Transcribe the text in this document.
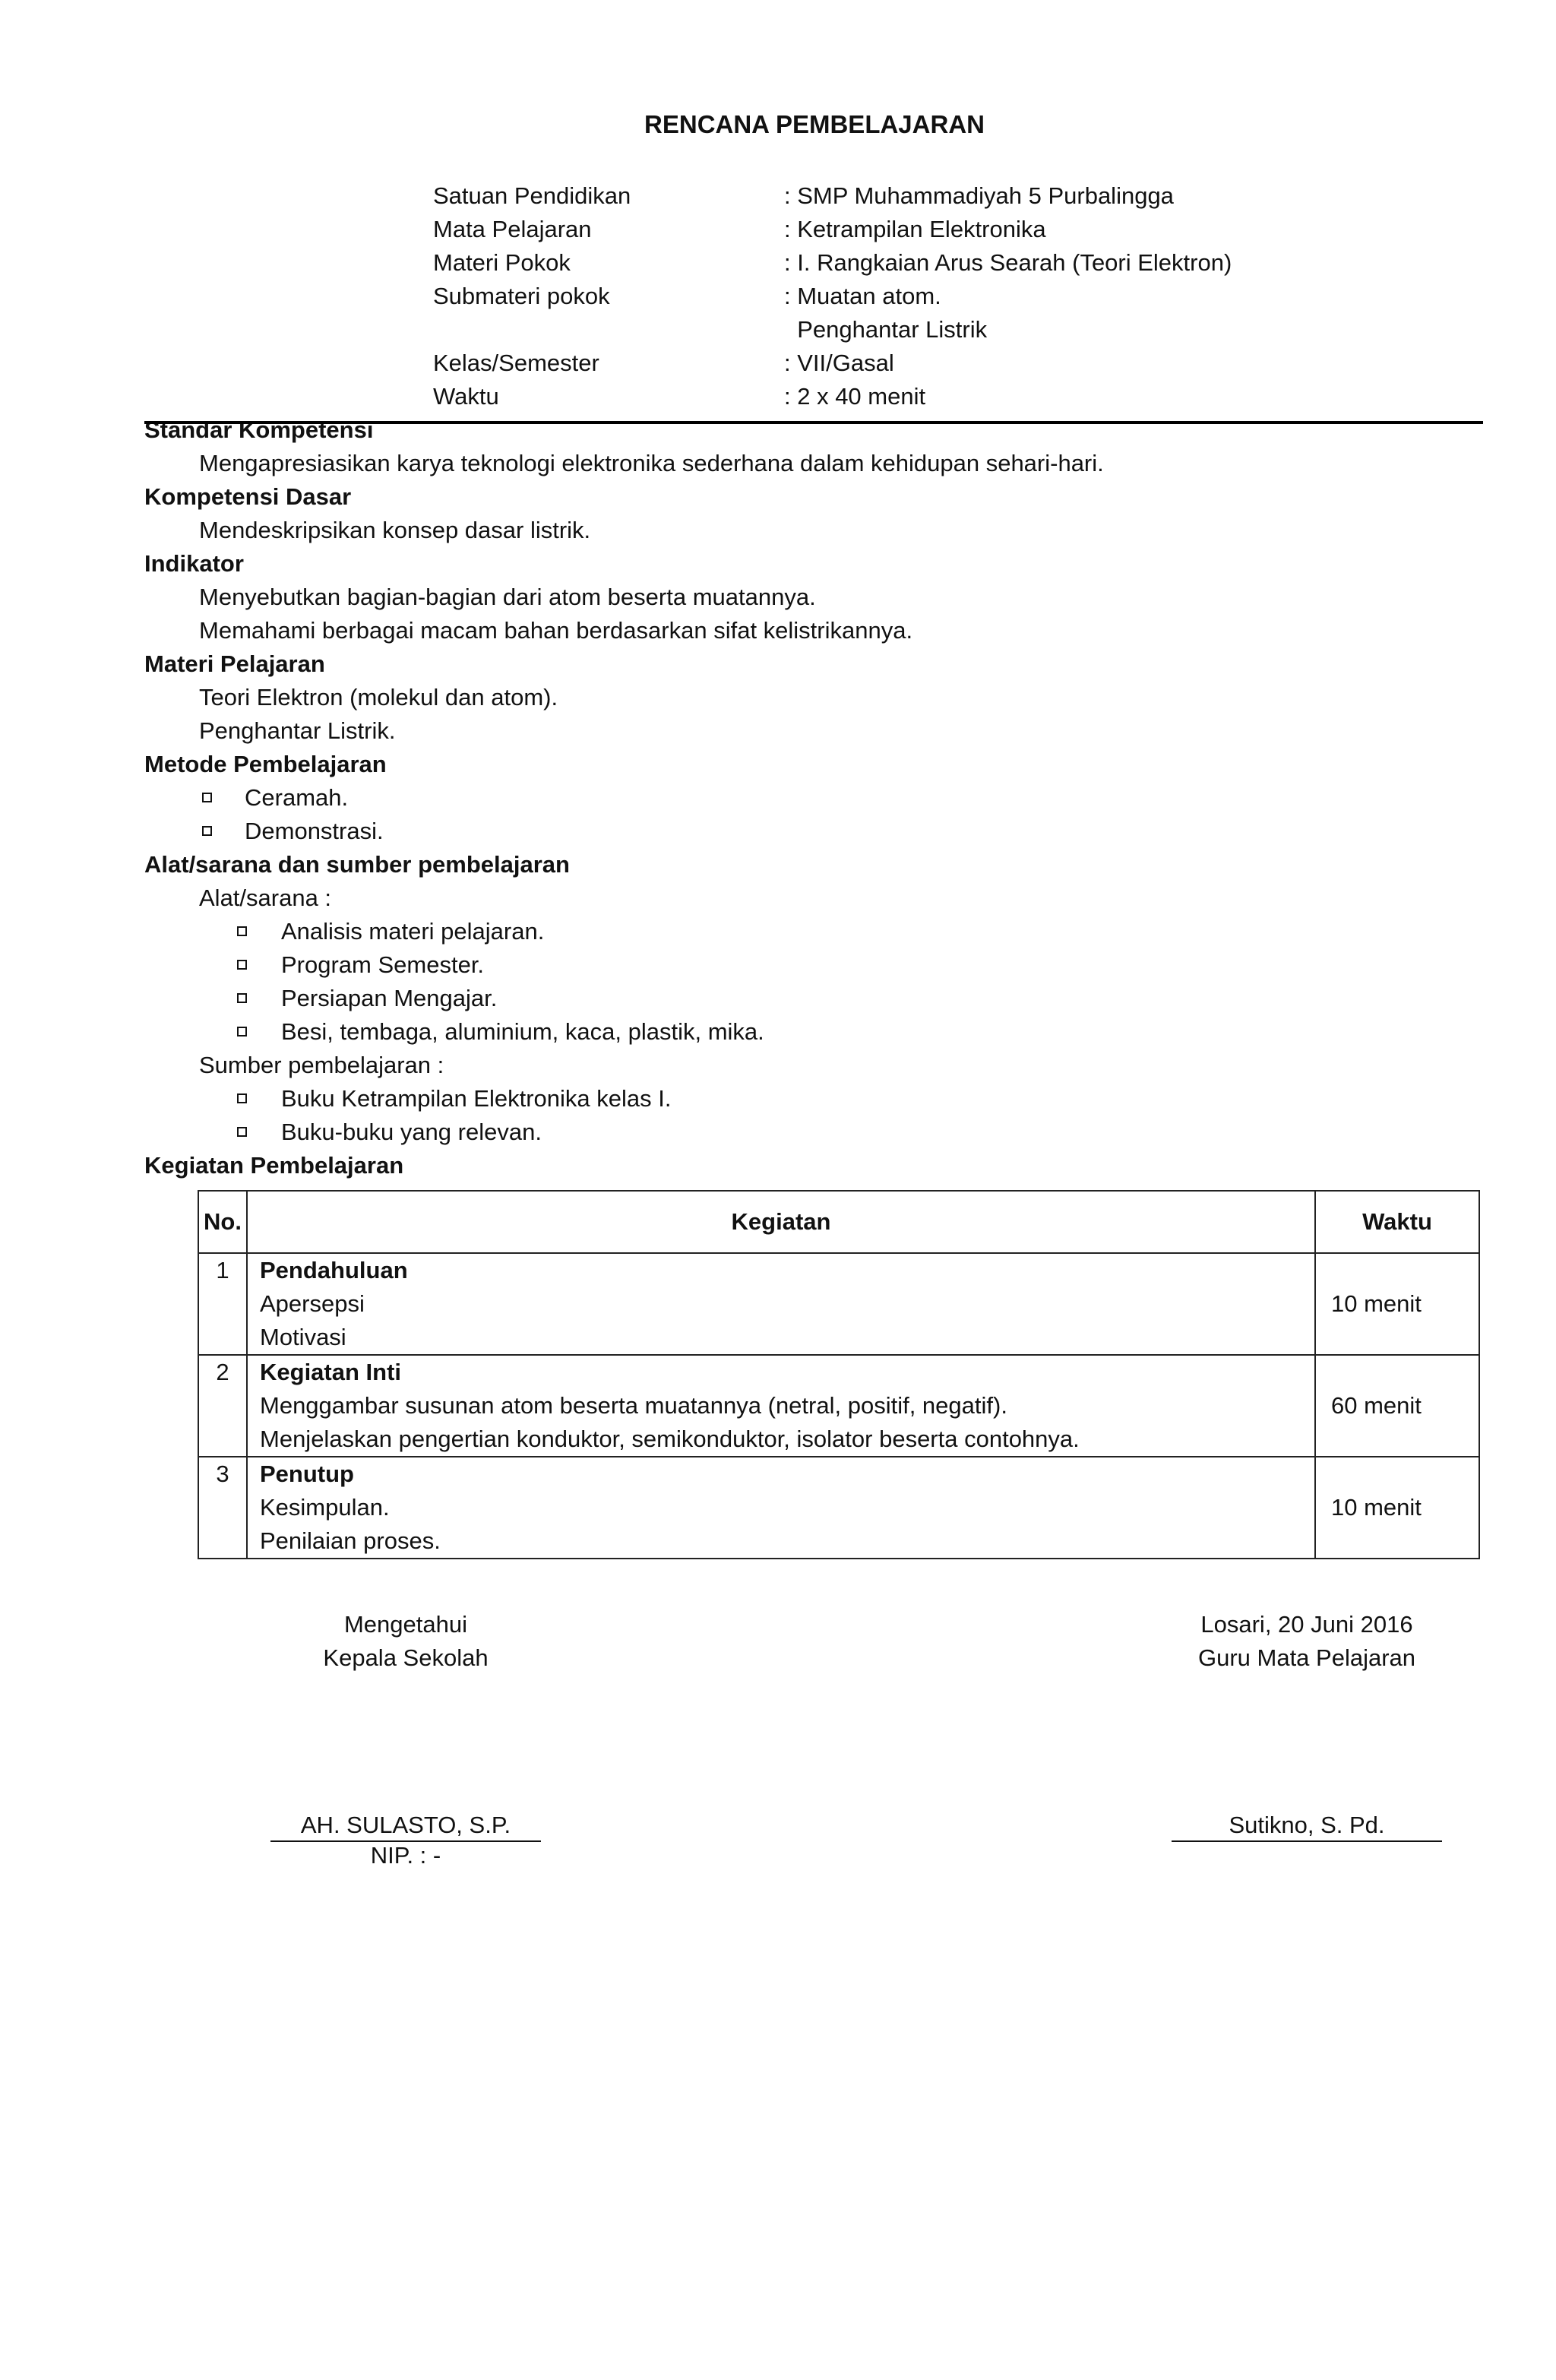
RENCANA PEMBELAJARAN
Satuan Pendidikan	: SMP Muhammadiyah 5 Purbalingga
Mata Pelajaran	: Ketrampilan Elektronika
Materi Pokok	: I. Rangkaian Arus Searah (Teori Elektron)
Submateri pokok	: Muatan atom.
Penghantar Listrik
Kelas/Semester	: VII/Gasal
Waktu	: 2 x 40 menit
Standar Kompetensi
Mengapresiasikan karya teknologi elektronika sederhana dalam kehidupan sehari-hari.
Kompetensi Dasar
Mendeskripsikan konsep dasar listrik.
Indikator
Menyebutkan bagian-bagian dari atom beserta muatannya.
Memahami berbagai macam bahan berdasarkan sifat kelistrikannya.
Materi Pelajaran
Teori Elektron (molekul dan atom).
Penghantar Listrik.
Metode Pembelajaran
Ceramah.
Demonstrasi.
Alat/sarana dan sumber pembelajaran
Alat/sarana :
Analisis materi pelajaran.
Program Semester.
Persiapan Mengajar.
Besi, tembaga, aluminium, kaca, plastik, mika.
Sumber pembelajaran :
Buku Ketrampilan Elektronika kelas I.
Buku-buku yang relevan.
Kegiatan Pembelajaran
No.	Kegiatan	Waktu
1	Pendahuluan
Apersepsi
Motivasi	10 menit
2	Kegiatan Inti
Menggambar susunan atom beserta muatannya (netral, positif, negatif).
Menjelaskan pengertian konduktor, semikonduktor, isolator beserta contohnya.	60 menit
3	Penutup
Kesimpulan.
Penilaian proses.	10 menit
Losari, 20 Juni 2016
Mengetahui
Kepala Sekolah	Guru Mata Pelajaran
AH. SULASTO, S.P.
NIP. : -
Sutikno, S. Pd.
